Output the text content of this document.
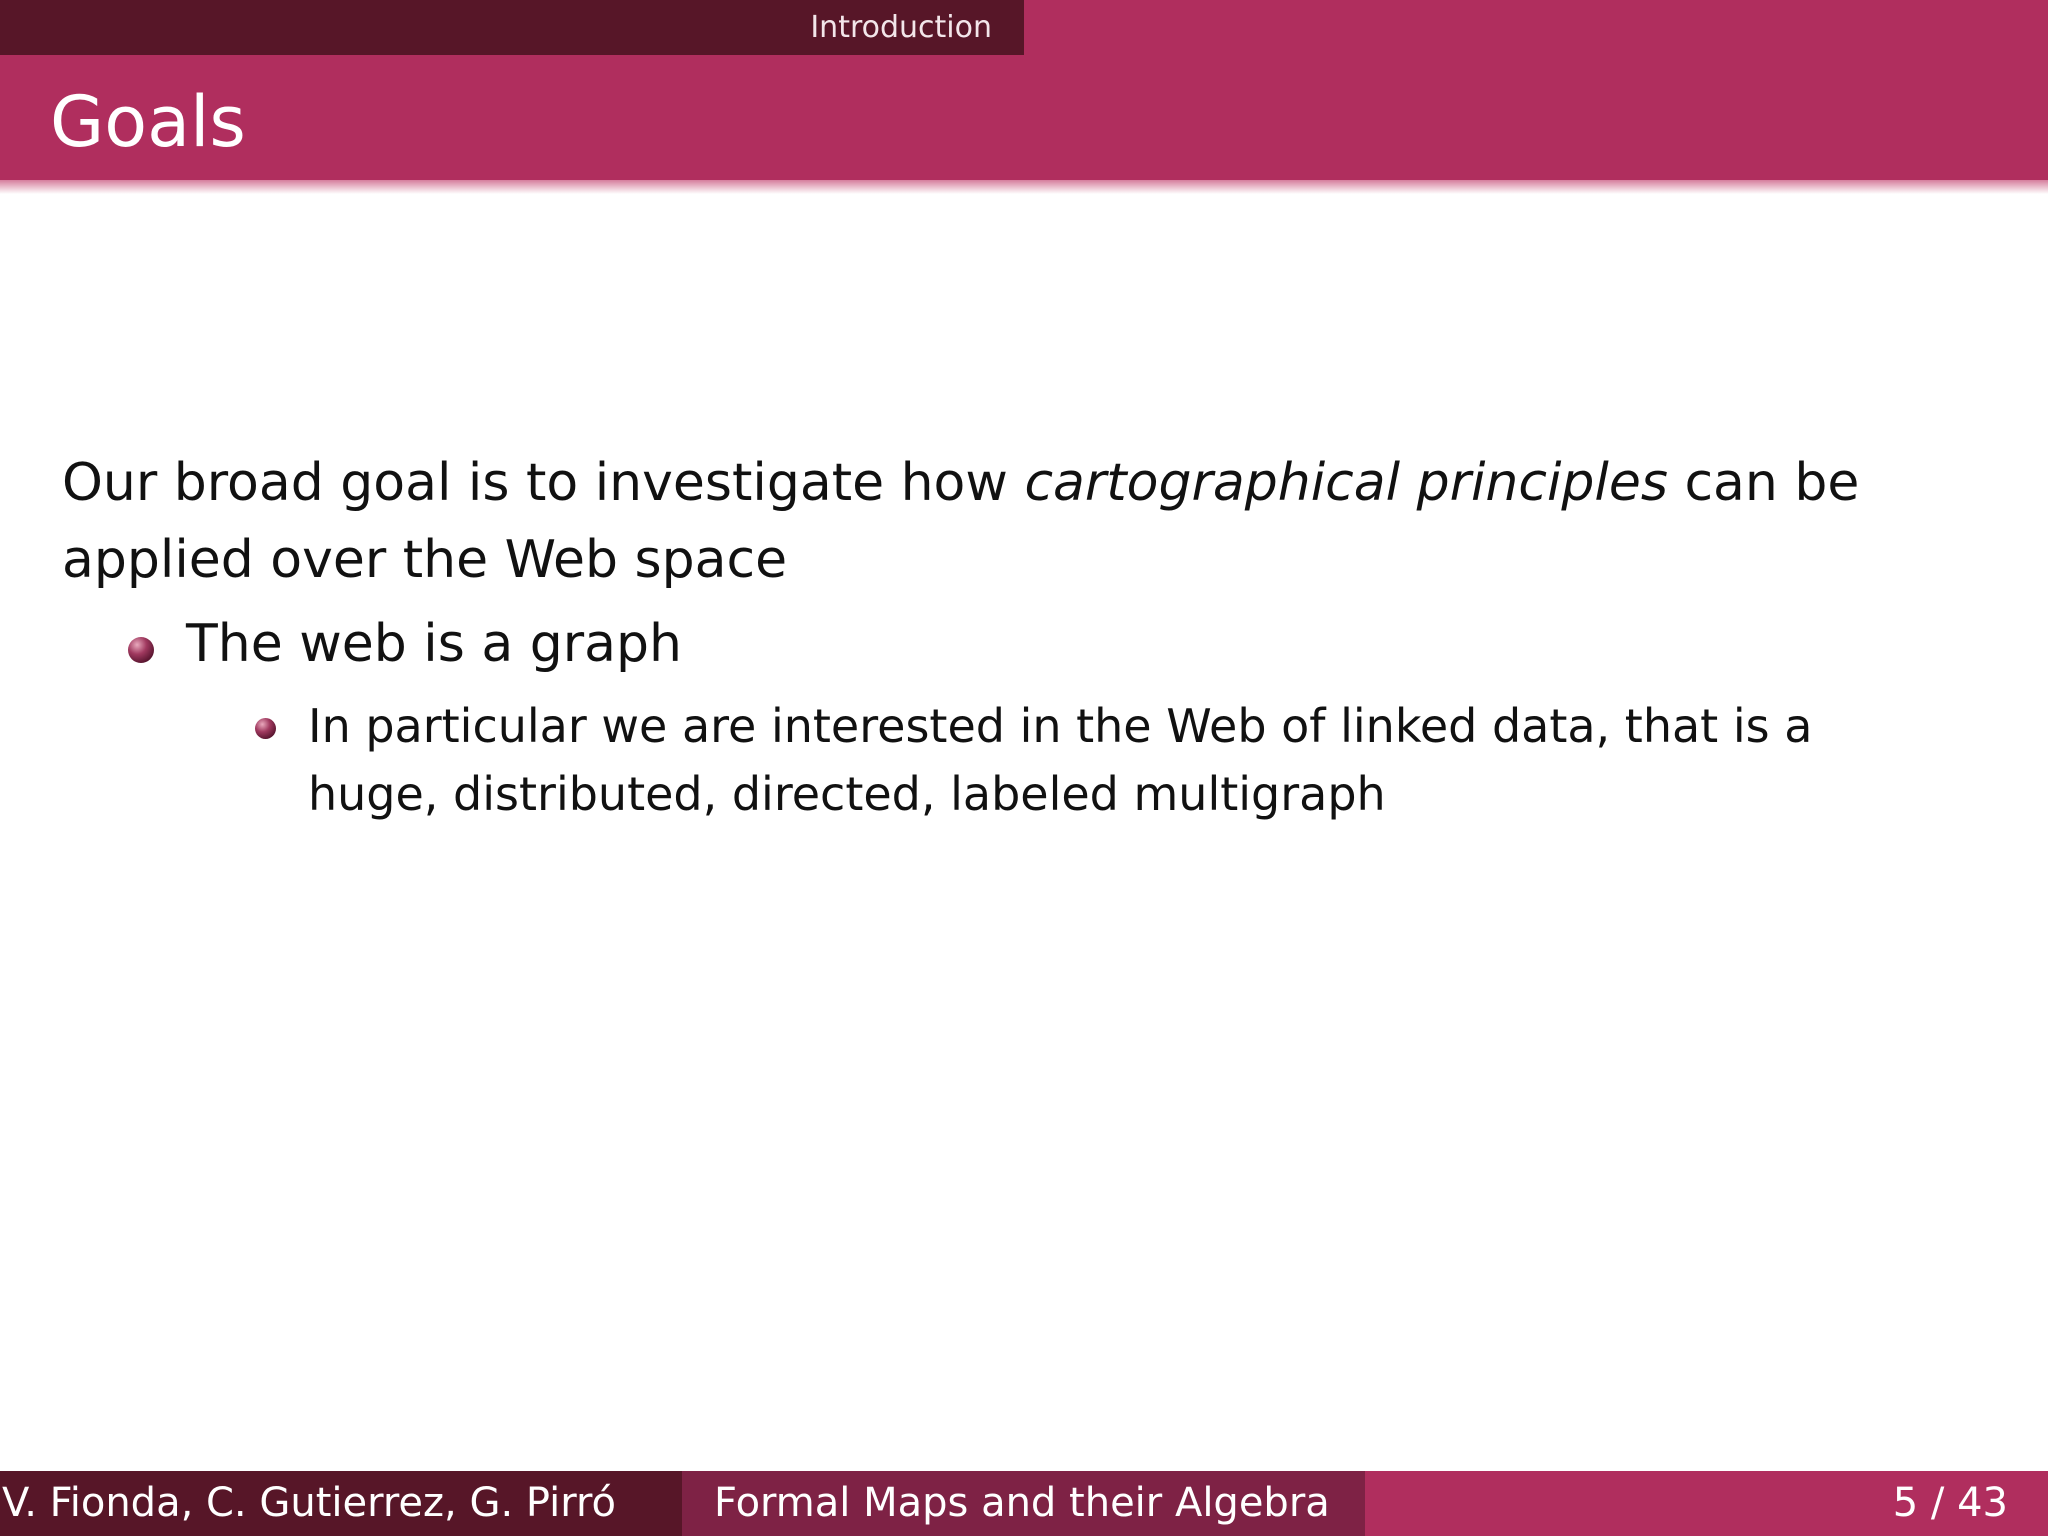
Introduction
Goals
Our broad goal is to investigate how cartographical principles can be applied over the Web space
The web is a graph
In particular we are interested in the Web of linked data, that is a huge, distributed, directed, labeled multigraph
V. Fionda, C. Gutierrez, G. Pirró	Formal Maps and their Algebra	5 / 43
